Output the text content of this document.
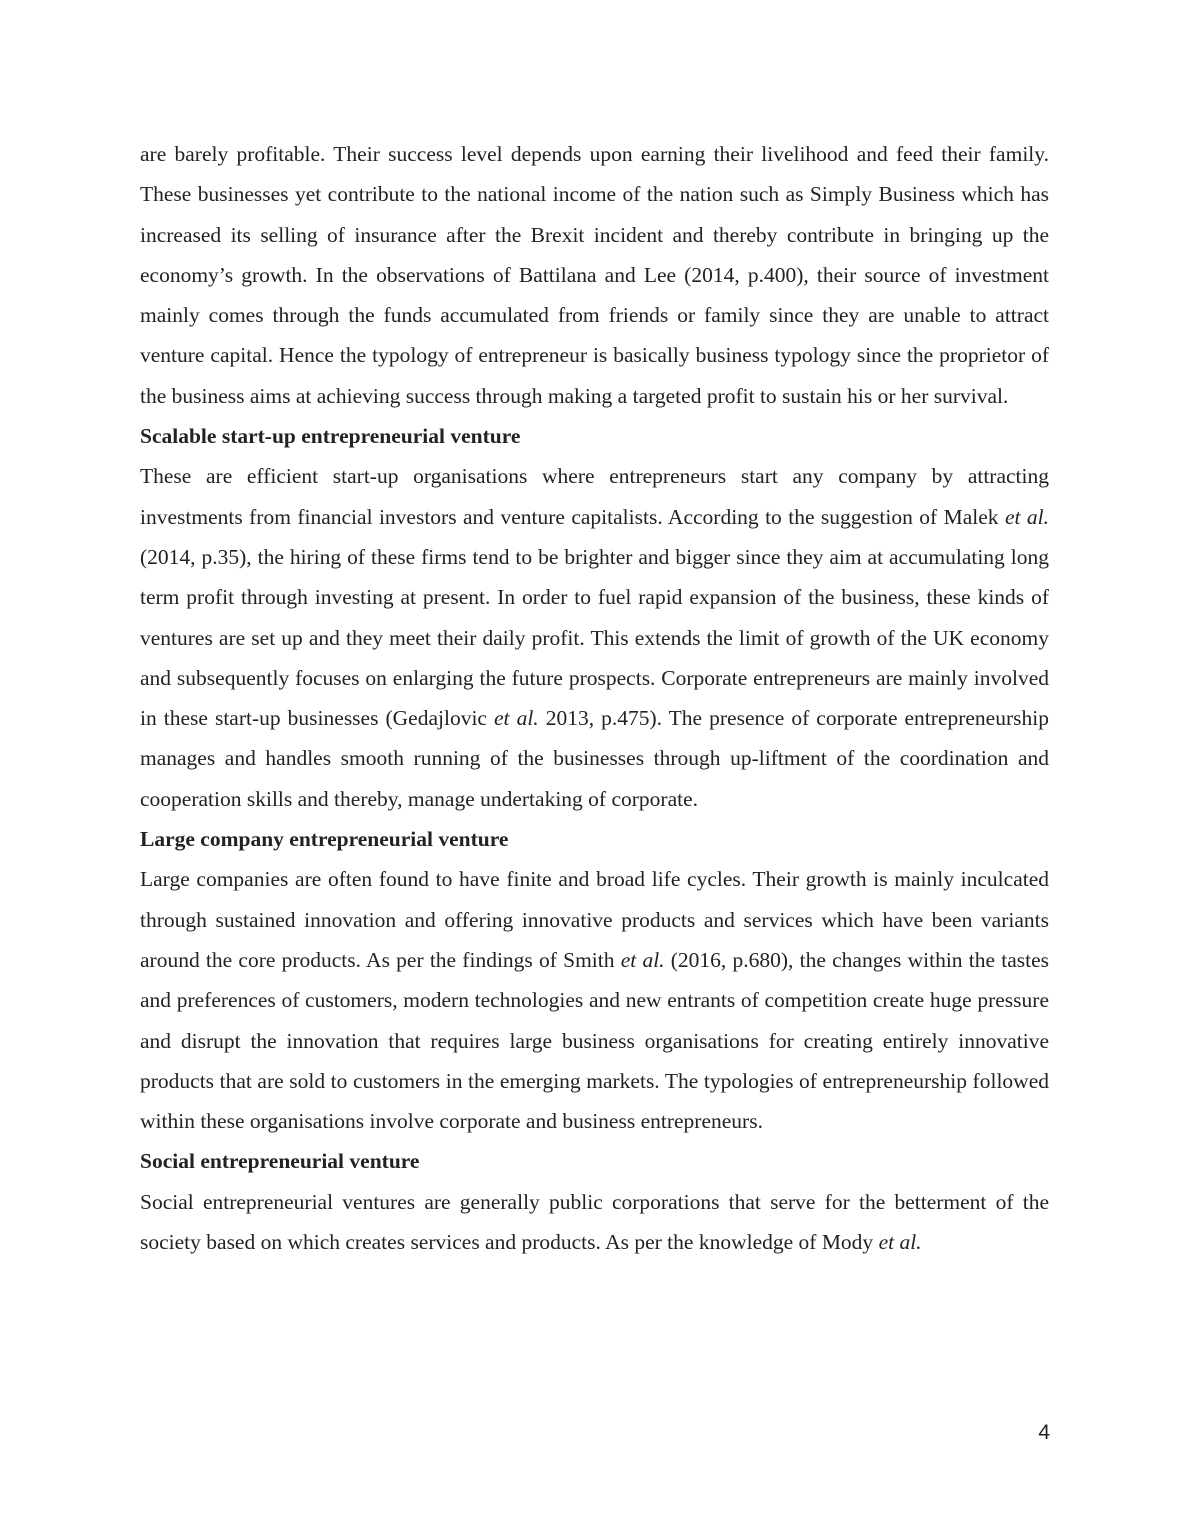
are barely profitable. Their success level depends upon earning their livelihood and feed their family. These businesses yet contribute to the national income of the nation such as Simply Business which has increased its selling of insurance after the Brexit incident and thereby contribute in bringing up the economy’s growth. In the observations of Battilana and Lee (2014, p.400), their source of investment mainly comes through the funds accumulated from friends or family since they are unable to attract venture capital. Hence the typology of entrepreneur is basically business typology since the proprietor of the business aims at achieving success through making a targeted profit to sustain his or her survival.

Scalable start-up entrepreneurial venture

These are efficient start-up organisations where entrepreneurs start any company by attracting investments from financial investors and venture capitalists. According to the suggestion of Malek et al. (2014, p.35), the hiring of these firms tend to be brighter and bigger since they aim at accumulating long term profit through investing at present. In order to fuel rapid expansion of the business, these kinds of ventures are set up and they meet their daily profit. This extends the limit of growth of the UK economy and subsequently focuses on enlarging the future prospects. Corporate entrepreneurs are mainly involved in these start-up businesses (Gedajlovic et al. 2013, p.475). The presence of corporate entrepreneurship manages and handles smooth running of the businesses through up-liftment of the coordination and cooperation skills and thereby, manage undertaking of corporate.

Large company entrepreneurial venture

Large companies are often found to have finite and broad life cycles. Their growth is mainly inculcated through sustained innovation and offering innovative products and services which have been variants around the core products. As per the findings of Smith et al. (2016, p.680), the changes within the tastes and preferences of customers, modern technologies and new entrants of competition create huge pressure and disrupt the innovation that requires large business organisations for creating entirely innovative products that are sold to customers in the emerging markets. The typologies of entrepreneurship followed within these organisations involve corporate and business entrepreneurs.

Social entrepreneurial venture

Social entrepreneurial ventures are generally public corporations that serve for the betterment of the society based on which creates services and products. As per the knowledge of Mody et al.

4
